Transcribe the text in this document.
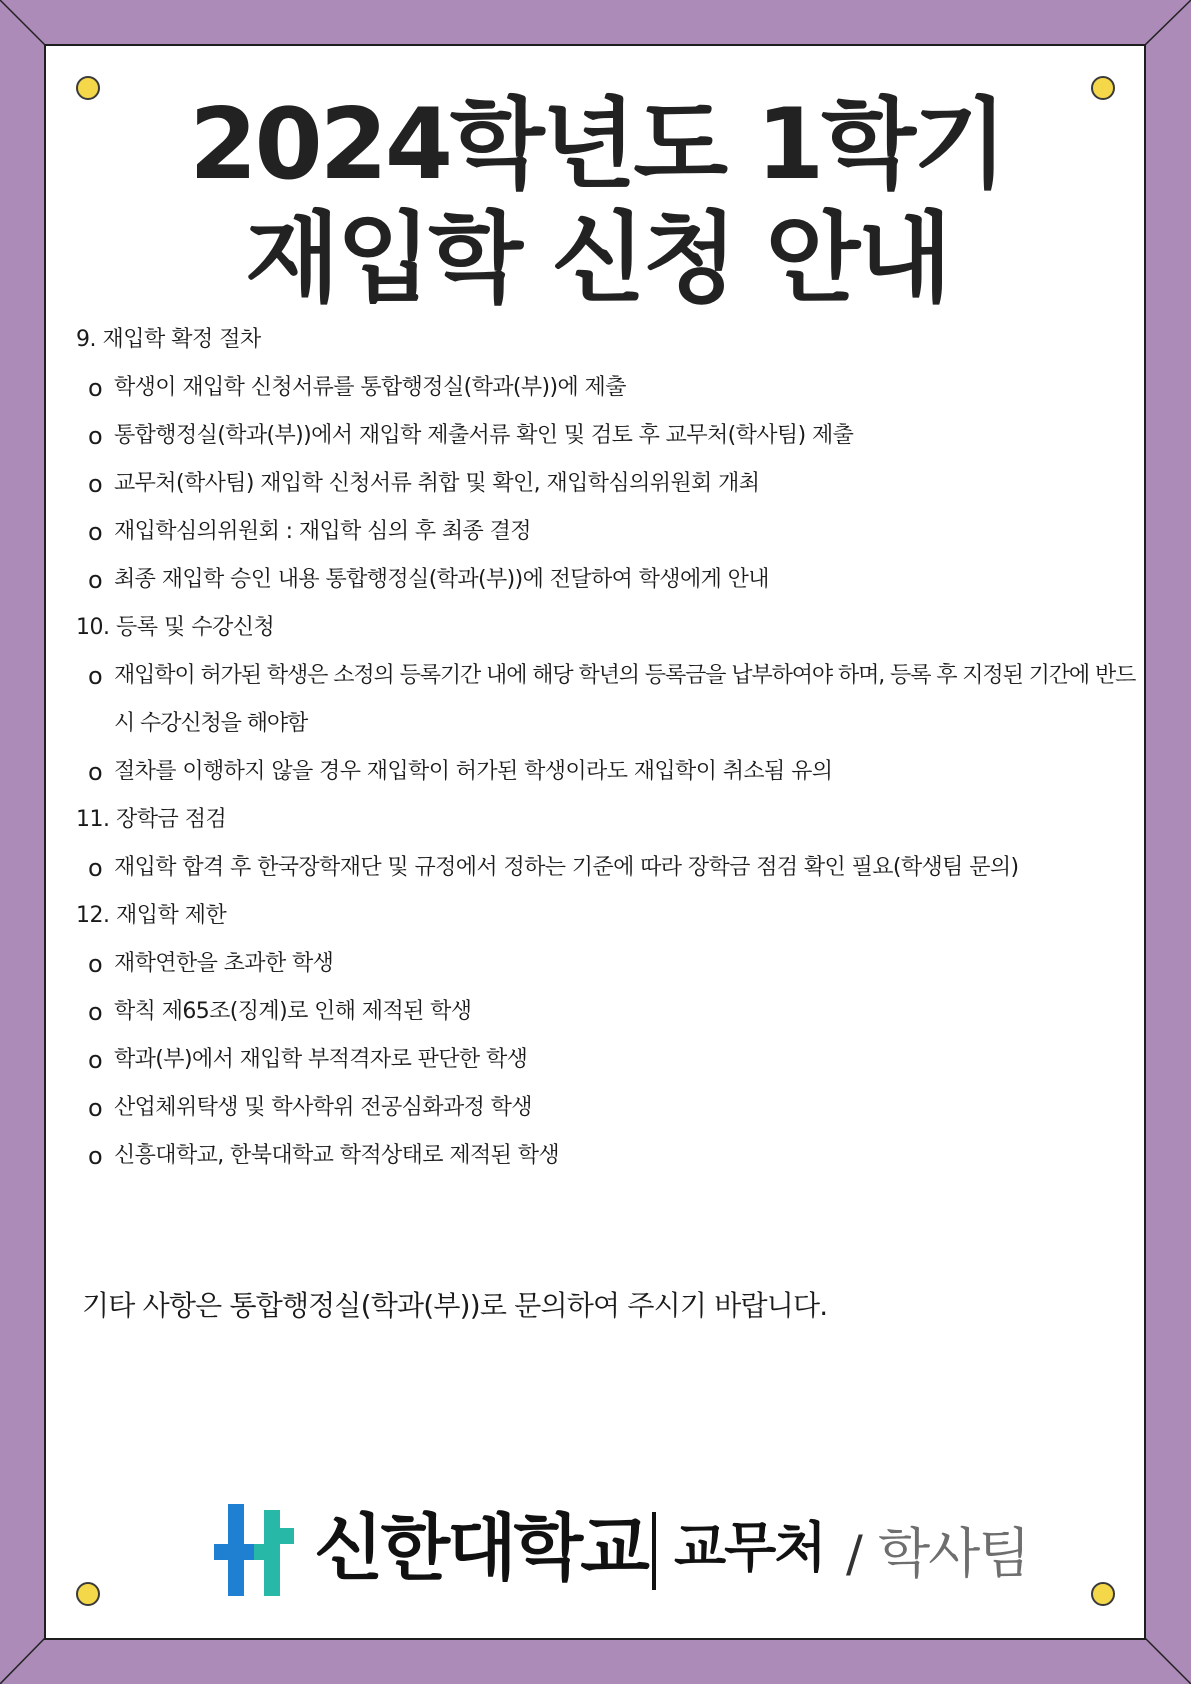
2024학년도 1학기
재입학 신청 안내
9. 재입학 확정 절차
o 학생이 재입학 신청서류를 통합행정실(학과(부))에 제출
o 통합행정실(학과(부))에서 재입학 제출서류 확인 및 검토 후 교무처(학사팀) 제출
o 교무처(학사팀) 재입학 신청서류 취합 및 확인, 재입학심의위원회 개최
o 재입학심의위원회 : 재입학 심의 후 최종 결정
o 최종 재입학 승인 내용 통합행정실(학과(부))에 전달하여 학생에게 안내
10. 등록 및 수강신청
o 재입학이 허가된 학생은 소정의 등록기간 내에 해당 학년의 등록금을 납부하여야 하며, 등록 후 지정된 기간에 반드시 수강신청을 해야함
o 절차를 이행하지 않을 경우 재입학이 허가된 학생이라도 재입학이 취소됨 유의
11. 장학금 점검
o 재입학 합격 후 한국장학재단 및 규정에서 정하는 기준에 따라 장학금 점검 확인 필요(학생팀 문의)
12. 재입학 제한
o 재학연한을 초과한 학생
o 학칙 제65조(징계)로 인해 제적된 학생
o 학과(부)에서 재입학 부적격자로 판단한 학생
o 산업체위탁생 및 학사학위 전공심화과정 학생
o 신흥대학교, 한북대학교 학적상태로 제적된 학생
기타 사항은 통합행정실(학과(부))로 문의하여 주시기 바랍니다.
신한대학교 교무처 / 학사팀
